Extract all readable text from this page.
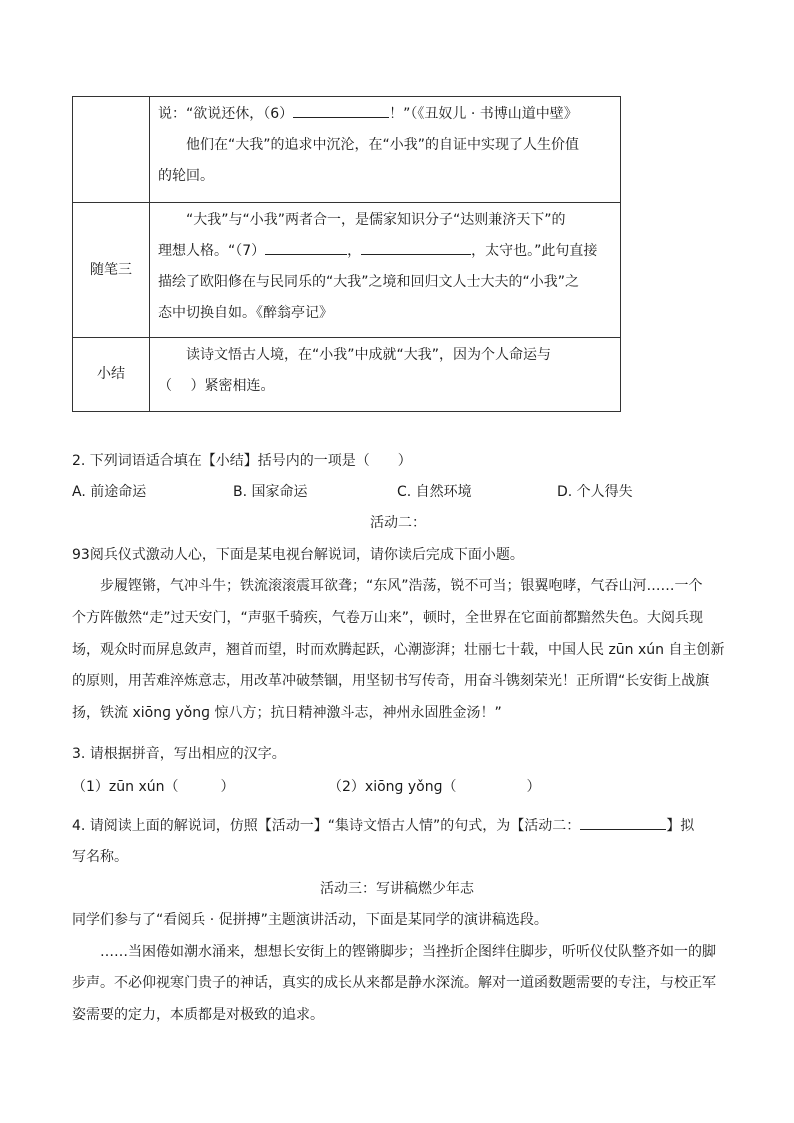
	说：“欲说还休，（6） ！”（《丑奴儿 · 书博山道中壁》
他们在“大我”的追求中沉沦，在“小我”的自证中实现了人生价值
的轮回。

随笔三	“大我”与“小我”两者合一，是儒家知识分子“达则兼济天下”的
理想人格。“（7） ， ，太守也。”此句直接
描绘了欧阳修在与民同乐的“大我”之境和回归文人士大夫的“小我”之
态中切换自如。《醉翁亭记》

小结	读诗文悟古人境，在“小我”中成就“大我”，因为个人命运与
（　 ）紧密相连。
2. 下列词语适合填在【小结】括号内的一项是（　　）
A. 前途命运	B. 国家命运	C. 自然环境	D. 个人得失
活动二：
93阅兵仪式激动人心，下面是某电视台解说词，请你读后完成下面小题。
步履铿锵，气冲斗牛；铁流滚滚震耳欲聋；“东风”浩荡，锐不可当；银翼咆哮，气吞山河……一个
个方阵傲然“走”过天安门，“声驱千骑疾，气卷万山来”，顿时，全世界在它面前都黯然失色。大阅兵现
场，观众时而屏息敛声，翘首而望，时而欢腾起跃，心潮澎湃；壮丽七十载，中国人民 zūn xún 自主创新
的原则，用苦难淬炼意志，用改革冲破禁锢，用坚韧书写传奇，用奋斗镌刻荣光！正所谓“长安街上战旗
扬，铁流 xiōnɡ yǒnɡ 惊八方；抗日精神激斗志，神州永固胜金汤！”
3. 请根据拼音，写出相应的汉字。
（1）zūn xún（　　　）	（2）xiōnɡ yǒnɡ（　　　　　）
4. 请阅读上面的解说词，仿照【活动一】“集诗文悟古人情”的句式，为【活动二：	】拟
写名称。
活动三：写讲稿燃少年志
同学们参与了“看阅兵 · 促拼搏”主题演讲活动，下面是某同学的演讲稿选段。
……当困倦如潮水涌来，想想长安街上的铿锵脚步；当挫折企图绊住脚步，听听仪仗队整齐如一的脚
步声。不必仰视寒门贵子的神话，真实的成长从来都是静水深流。解对一道函数题需要的专注，与校正军
姿需要的定力，本质都是对极致的追求。
